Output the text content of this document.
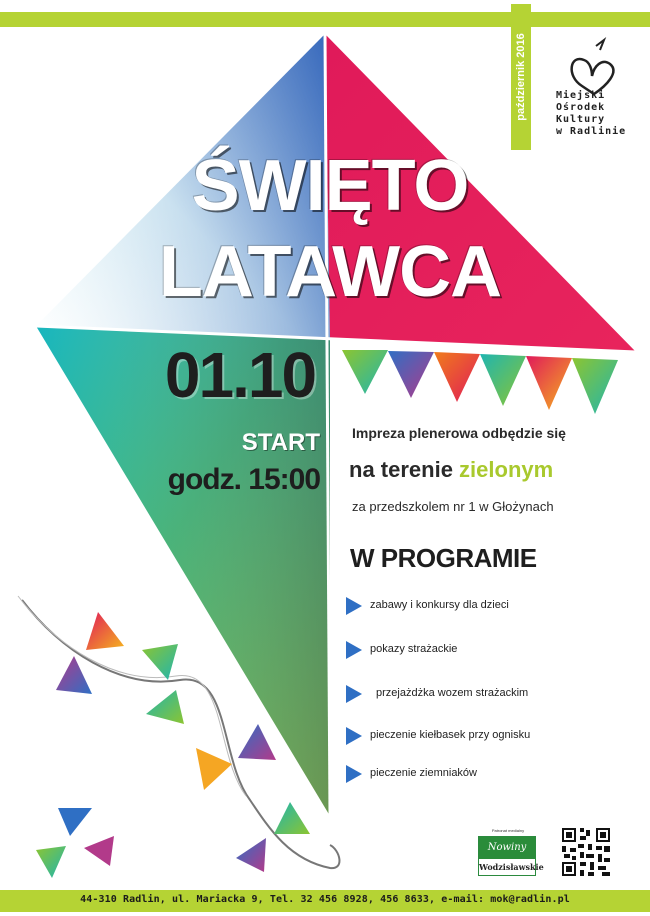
październik 2016	Miejski
Ośrodek
Kultury
w Radlinie
ŚWIĘTO
LATAWCA
01.10
START
godz. 15:00
Impreza plenerowa odbędzie się
na terenie zielonym
za przedszkolem nr 1 w Głożynach
W PROGRAMIE
zabawy i konkursy dla dzieci
pokazy strażackie
przejażdżka wozem strażackim
pieczenie kiełbasek przy ognisku
pieczenie ziemniaków
Patronat medialny
Nowiny
Wodzisławskie
44-310 Radlin, ul. Mariacka 9, Tel. 32 456 8928, 456 8633, e-mail: mok@radlin.pl
